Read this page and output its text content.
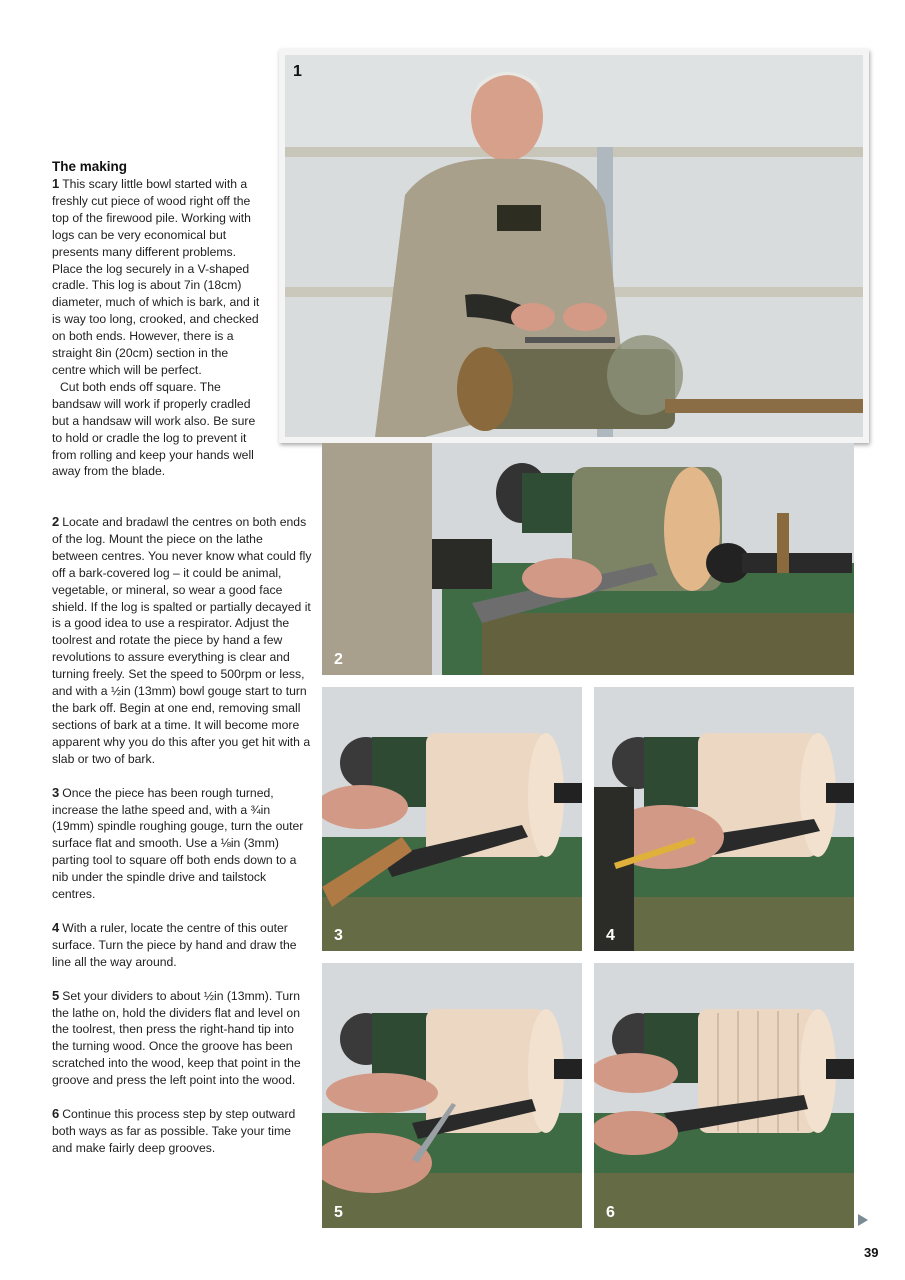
The making

1 This scary little bowl started with a freshly cut piece of wood right off the top of the firewood pile. Working with logs can be very economical but presents many different problems. Place the log securely in a V-shaped cradle. This log is about 7in (18cm) diameter, much of which is bark, and it is way too long, crooked, and checked on both ends. However, there is a straight 8in (20cm) section in the centre which will be perfect.

Cut both ends off square. The bandsaw will work if properly cradled but a handsaw will work also. Be sure to hold or cradle the log to prevent it from rolling and keep your hands well away from the blade.

2 Locate and bradawl the centres on both ends of the log. Mount the piece on the lathe between centres. You never know what could fly off a bark-covered log – it could be animal, vegetable, or mineral, so wear a good face shield. If the log is spalted or partially decayed it is a good idea to use a respirator. Adjust the toolrest and rotate the piece by hand a few revolutions to assure everything is clear and turning freely. Set the speed to 500rpm or less, and with a ½in (13mm) bowl gouge start to turn the bark off. Begin at one end, removing small sections of bark at a time. It will become more apparent why you do this after you get hit with a slab or two of bark.

3 Once the piece has been rough turned, increase the lathe speed and, with a ¾in (19mm) spindle roughing gouge, turn the outer surface flat and smooth. Use a ⅛in (3mm) parting tool to square off both ends down to a nib under the spindle drive and tailstock centres.

4 With a ruler, locate the centre of this outer surface. Turn the piece by hand and draw the line all the way around.

5 Set your dividers to about ½in (13mm). Turn the lathe on, hold the dividers flat and level on the toolrest, then press the right-hand tip into the turning wood. Once the groove has been scratched into the wood, keep that point in the groove and press the left point into the wood.

6 Continue this process step by step outward both ways as far as possible. Take your time and make fairly deep grooves.

1
2
3	4
5	6
39
